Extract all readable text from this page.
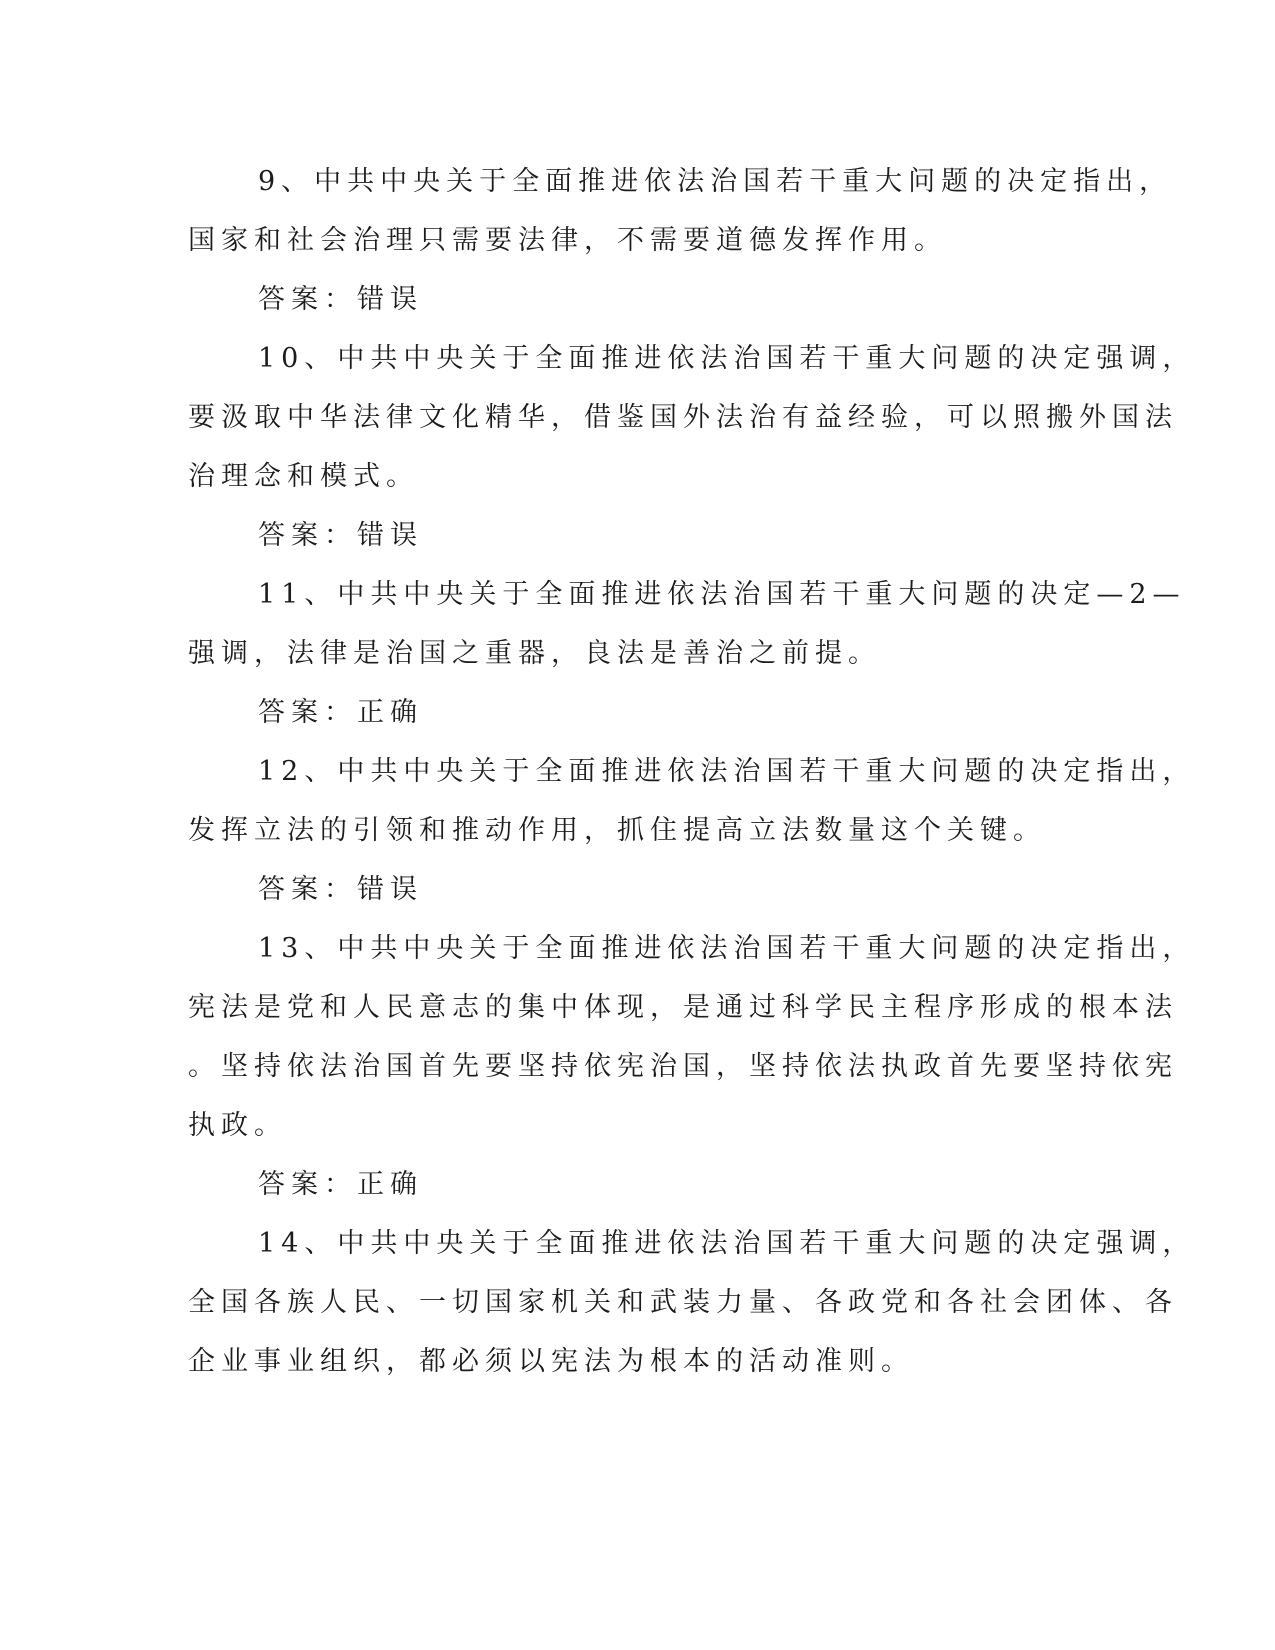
9、中共中央关于全面推进依法治国若干重大问题的决定指出，
国家和社会治理只需要法律，不需要道德发挥作用。
答案：错误
10、中共中央关于全面推进依法治国若干重大问题的决定强调，
要汲取中华法律文化精华，借鉴国外法治有益经验，可以照搬外国法
治理念和模式。
答案：错误
11、中共中央关于全面推进依法治国若干重大问题的决定—2—
强调，法律是治国之重器，良法是善治之前提。
答案：正确
12、中共中央关于全面推进依法治国若干重大问题的决定指出，
发挥立法的引领和推动作用，抓住提高立法数量这个关键。
答案：错误
13、中共中央关于全面推进依法治国若干重大问题的决定指出，
宪法是党和人民意志的集中体现，是通过科学民主程序形成的根本法
。坚持依法治国首先要坚持依宪治国，坚持依法执政首先要坚持依宪
执政。
答案：正确
14、中共中央关于全面推进依法治国若干重大问题的决定强调，
全国各族人民、一切国家机关和武装力量、各政党和各社会团体、各
企业事业组织，都必须以宪法为根本的活动准则。
